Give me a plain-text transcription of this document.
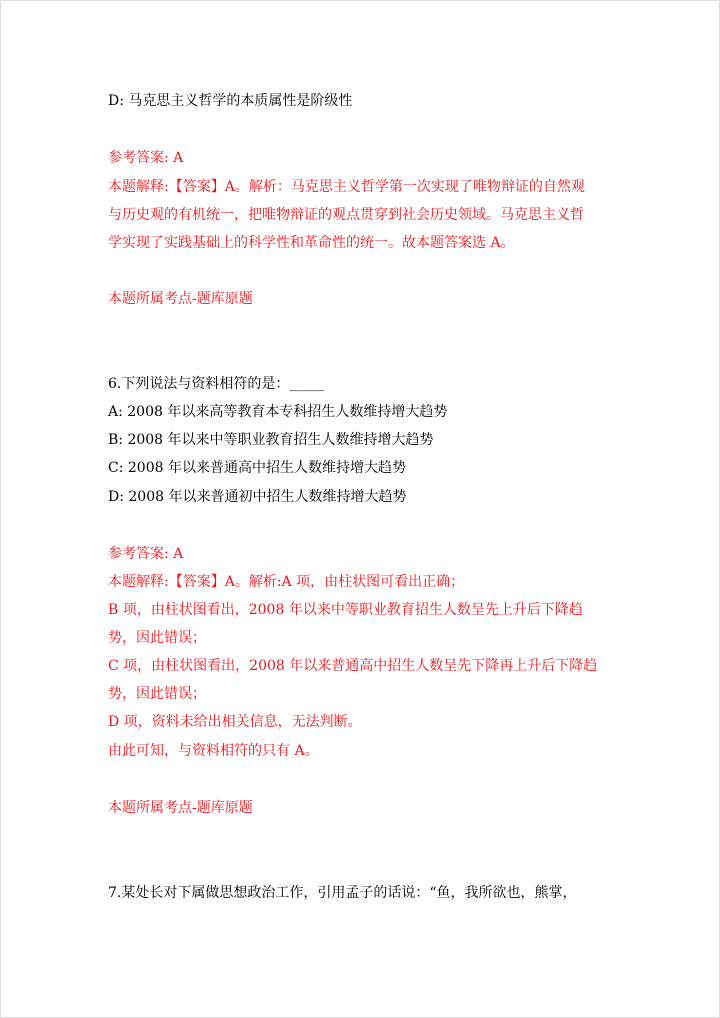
D: 马克思主义哲学的本质属性是阶级性
参考答案: A
本题解释:【答案】A。解析：马克思主义哲学第一次实现了唯物辩证的自然观
与历史观的有机统一，把唯物辩证的观点贯穿到社会历史领域。马克思主义哲
学实现了实践基础上的科学性和革命性的统一。故本题答案选 A。
本题所属考点-题库原题
6.下列说法与资料相符的是：_____
A: 2008 年以来高等教育本专科招生人数维持增大趋势
B: 2008 年以来中等职业教育招生人数维持增大趋势
C: 2008 年以来普通高中招生人数维持增大趋势
D: 2008 年以来普通初中招生人数维持增大趋势
参考答案: A
本题解释:【答案】A。解析:A 项，由柱状图可看出正确；
B 项，由柱状图看出，2008 年以来中等职业教育招生人数呈先上升后下降趋
势，因此错误；
C 项，由柱状图看出，2008 年以来普通高中招生人数呈先下降再上升后下降趋
势，因此错误；
D 项，资料未给出相关信息，无法判断。
由此可知，与资料相符的只有 A。
本题所属考点-题库原题
7.某处长对下属做思想政治工作，引用孟子的话说：“鱼，我所欲也，熊掌，
